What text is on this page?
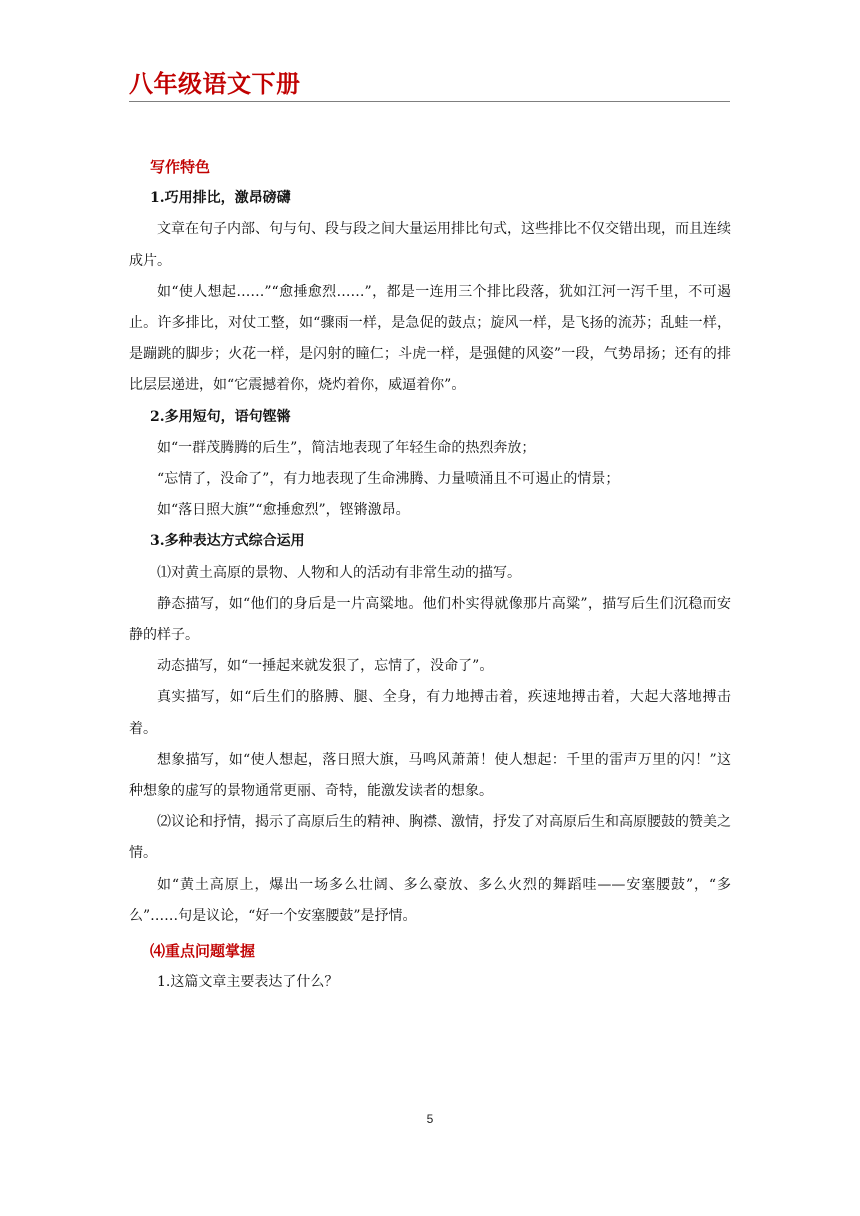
八年级语文下册

写作特色

1.巧用排比，激昂磅礴

文章在句子内部、句与句、段与段之间大量运用排比句式，这些排比不仅交错出现，而且连续成片。

如“使人想起……”“愈捶愈烈……”，都是一连用三个排比段落，犹如江河一泻千里，不可遏止。许多排比，对仗工整，如“骤雨一样，是急促的鼓点；旋风一样，是飞扬的流苏；乱蛙一样，是蹦跳的脚步；火花一样，是闪射的瞳仁；斗虎一样，是强健的风姿”一段，气势昂扬；还有的排比层层递进，如“它震撼着你，烧灼着你，威逼着你”。

2.多用短句，语句铿锵

如“一群茂腾腾的后生”，简洁地表现了年轻生命的热烈奔放；

“忘情了，没命了”，有力地表现了生命沸腾、力量喷涌且不可遏止的情景；

如“落日照大旗”“愈捶愈烈”，铿锵激昂。

3.多种表达方式综合运用

⑴对黄土高原的景物、人物和人的活动有非常生动的描写。

静态描写，如“他们的身后是一片高粱地。他们朴实得就像那片高粱”，描写后生们沉稳而安静的样子。

动态描写，如“一捶起来就发狠了，忘情了，没命了”。

真实描写，如“后生们的胳膊、腿、全身，有力地搏击着，疾速地搏击着，大起大落地搏击着。

想象描写，如“使人想起，落日照大旗，马鸣风萧萧！使人想起：千里的雷声万里的闪！”这种想象的虚写的景物通常更丽、奇特，能激发读者的想象。

⑵议论和抒情，揭示了高原后生的精神、胸襟、激情，抒发了对高原后生和高原腰鼓的赞美之情。

如“黄土高原上，爆出一场多么壮阔、多么豪放、多么火烈的舞蹈哇——安塞腰鼓”，“多么”……句是议论，“好一个安塞腰鼓”是抒情。

⑷重点问题掌握

1.这篇文章主要表达了什么？

5
